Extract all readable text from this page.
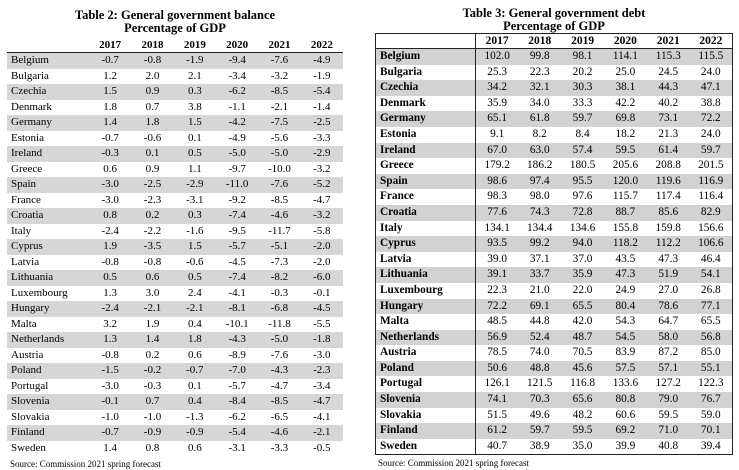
Table 2: General government balance
Percentage of GDP
	2017	2018	2019	2020	2021	2022
Belgium	-0.7	-0.8	-1.9	-9.4	-7.6	-4.9
Bulgaria	1.2	2.0	2.1	-3.4	-3.2	-1.9
Czechia	1.5	0.9	0.3	-6.2	-8.5	-5.4
Denmark	1.8	0.7	3.8	-1.1	-2.1	-1.4
Germany	1.4	1.8	1.5	-4.2	-7.5	-2.5
Estonia	-0.7	-0.6	0.1	-4.9	-5.6	-3.3
Ireland	-0.3	0.1	0.5	-5.0	-5.0	-2.9
Greece	0.6	0.9	1.1	-9.7	-10.0	-3.2
Spain	-3.0	-2.5	-2.9	-11.0	-7.6	-5.2
France	-3.0	-2.3	-3.1	-9.2	-8.5	-4.7
Croatia	0.8	0.2	0.3	-7.4	-4.6	-3.2
Italy	-2.4	-2.2	-1.6	-9.5	-11.7	-5.8
Cyprus	1.9	-3.5	1.5	-5.7	-5.1	-2.0
Latvia	-0.8	-0.8	-0.6	-4.5	-7.3	-2.0
Lithuania	0.5	0.6	0.5	-7.4	-8.2	-6.0
Luxembourg	1.3	3.0	2.4	-4.1	-0.3	-0.1
Hungary	-2.4	-2.1	-2.1	-8.1	-6.8	-4.5
Malta	3.2	1.9	0.4	-10.1	-11.8	-5.5
Netherlands	1.3	1.4	1.8	-4.3	-5.0	-1.8
Austria	-0.8	0.2	0.6	-8.9	-7.6	-3.0
Poland	-1.5	-0.2	-0.7	-7.0	-4.3	-2.3
Portugal	-3.0	-0.3	0.1	-5.7	-4.7	-3.4
Slovenia	-0.1	0.7	0.4	-8.4	-8.5	-4.7
Slovakia	-1.0	-1.0	-1.3	-6.2	-6.5	-4.1
Finland	-0.7	-0.9	-0.9	-5.4	-4.6	-2.1
Sweden	1.4	0.8	0.6	-3.1	-3.3	-0.5
Source: Commission 2021 spring forecast
Table 3: General government debt
Percentage of GDP
	2017	2018	2019	2020	2021	2022
Belgium	102.0	99.8	98.1	114.1	115.3	115.5
Bulgaria	25.3	22.3	20.2	25.0	24.5	24.0
Czechia	34.2	32.1	30.3	38.1	44.3	47.1
Denmark	35.9	34.0	33.3	42.2	40.2	38.8
Germany	65.1	61.8	59.7	69.8	73.1	72.2
Estonia	9.1	8.2	8.4	18.2	21.3	24.0
Ireland	67.0	63.0	57.4	59.5	61.4	59.7
Greece	179.2	186.2	180.5	205.6	208.8	201.5
Spain	98.6	97.4	95.5	120.0	119.6	116.9
France	98.3	98.0	97.6	115.7	117.4	116.4
Croatia	77.6	74.3	72.8	88.7	85.6	82.9
Italy	134.1	134.4	134.6	155.8	159.8	156.6
Cyprus	93.5	99.2	94.0	118.2	112.2	106.6
Latvia	39.0	37.1	37.0	43.5	47.3	46.4
Lithuania	39.1	33.7	35.9	47.3	51.9	54.1
Luxembourg	22.3	21.0	22.0	24.9	27.0	26.8
Hungary	72.2	69.1	65.5	80.4	78.6	77.1
Malta	48.5	44.8	42.0	54.3	64.7	65.5
Netherlands	56.9	52.4	48.7	54.5	58.0	56.8
Austria	78.5	74.0	70.5	83.9	87.2	85.0
Poland	50.6	48.8	45.6	57.5	57.1	55.1
Portugal	126.1	121.5	116.8	133.6	127.2	122.3
Slovenia	74.1	70.3	65.6	80.8	79.0	76.7
Slovakia	51.5	49.6	48.2	60.6	59.5	59.0
Finland	61.2	59.7	59.5	69.2	71.0	70.1
Sweden	40.7	38.9	35.0	39.9	40.8	39.4
Source: Commission 2021 spring forecast
